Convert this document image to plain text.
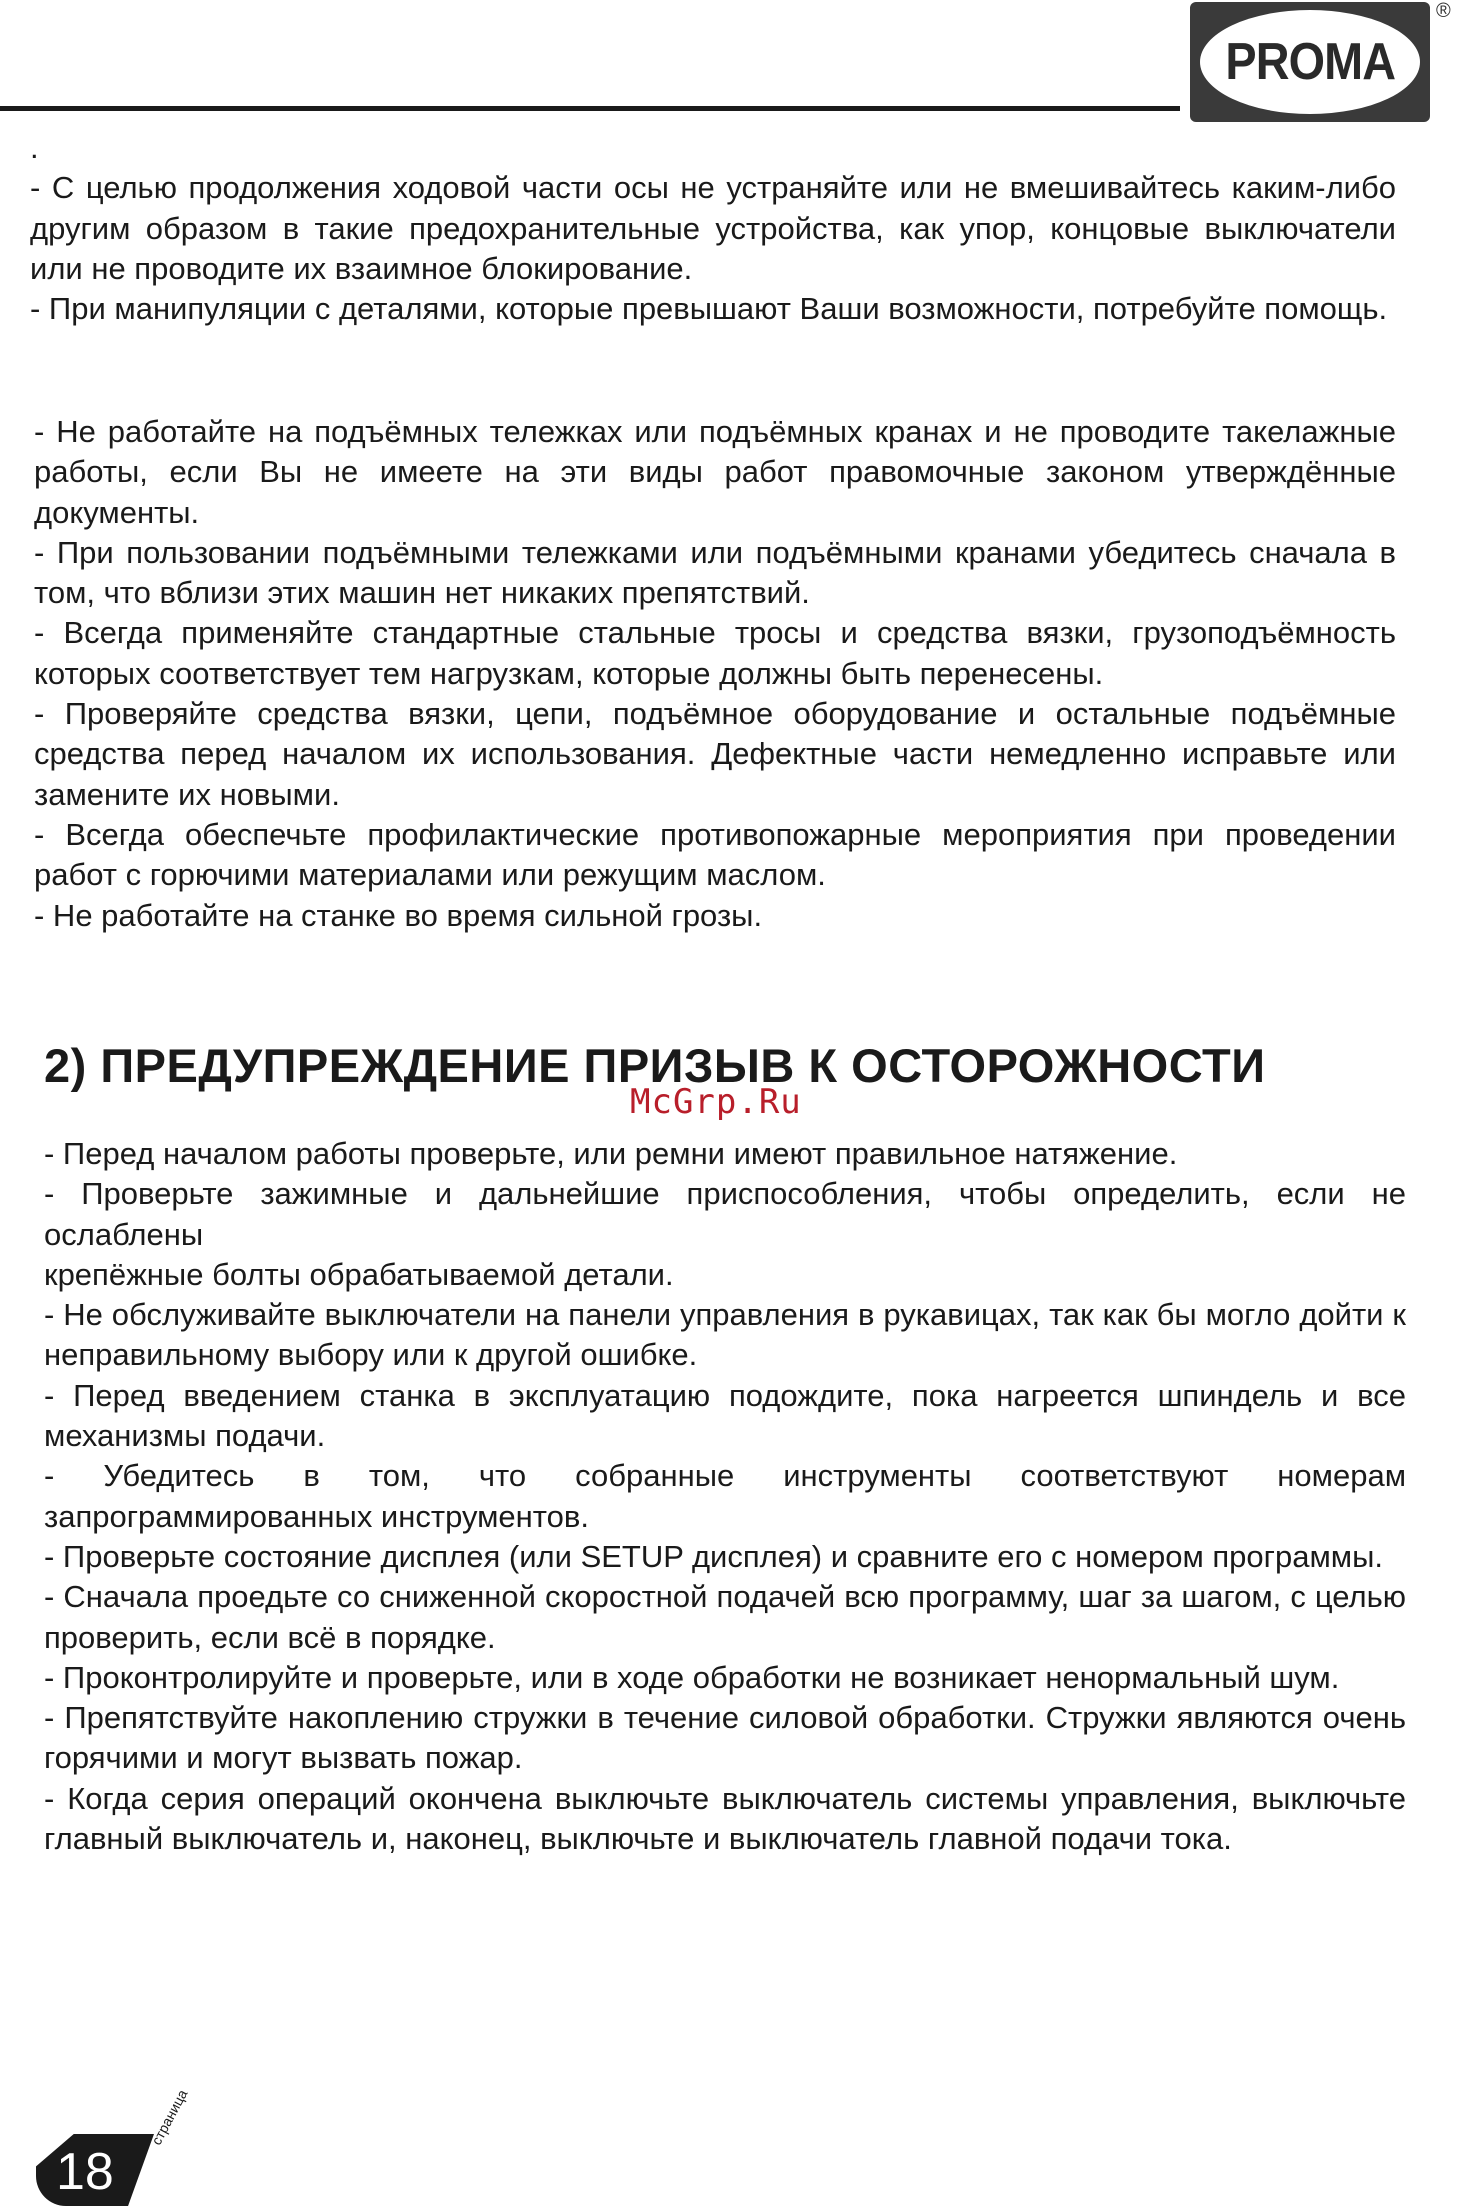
PROMA
®

.

- С целью продолжения ходовой части осы не устраняйте или не вмешивайтесь каким-либо другим образом в такие предохранительные устройства, как упор, концовые выключатели или не проводите их взаимное блокирование.

- При манипуляции с деталями, которые превышают Ваши возможности, потребуйте помощь.

- Не работайте на подъёмных тележках или подъёмных кранах и не проводите такелажные работы, если Вы не имеете на эти виды работ правомочные законом утверждённые документы.

- При пользовании подъёмными тележками или подъёмными кранами убедитесь сначала в том, что вблизи этих машин нет никаких препятствий.

- Всегда применяйте стандартные стальные тросы и средства вязки, грузоподъёмность которых соответствует тем нагрузкам, которые должны быть перенесены.

- Проверяйте средства вязки, цепи, подъёмное оборудование и остальные подъёмные средства перед началом их использования. Дефектные части немедленно исправьте или замените их новыми.

- Всегда обеспечьте профилактические противопожарные мероприятия при проведении работ с горючими материалами или режущим маслом.

- Не работайте на станке во время сильной грозы.

2) ПРЕДУПРЕЖДЕНИЕ ПРИЗЫВ К ОСТОРОЖНОСТИ
McGrp.Ru

- Перед началом работы проверьте, или ремни имеют правильное натяжение.

- Проверьте зажимные и дальнейшие приспособления, чтобы определить, если не ослаблены

крепёжные болты обрабатываемой детали.

- Не обслуживайте выключатели на панели управления в рукавицах, так как бы могло дойти к неправильному выбору или к другой ошибке.

- Перед введением станка в эксплуатацию подождите, пока нагреется шпиндель и все механизмы подачи.

- Убедитесь в том, что собранные инструменты соответствуют номерам запрограммированных инструментов.

- Проверьте состояние дисплея (или SETUP дисплея) и сравните его с номером программы.

- Сначала проедьте со сниженной скоростной подачей всю программу, шаг за шагом, с целью проверить, если всё в порядке.

- Проконтролируйте и проверьте, или в ходе обработки не возникает ненормальный шум.

- Препятствуйте накоплению стружки в течение силовой обработки. Стружки являются очень горячими и могут вызвать пожар.

- Когда серия операций окончена выключьте выключатель системы управления, выключьте главный выключатель и, наконец, выключьте и выключатель главной подачи тока.

18
страница
